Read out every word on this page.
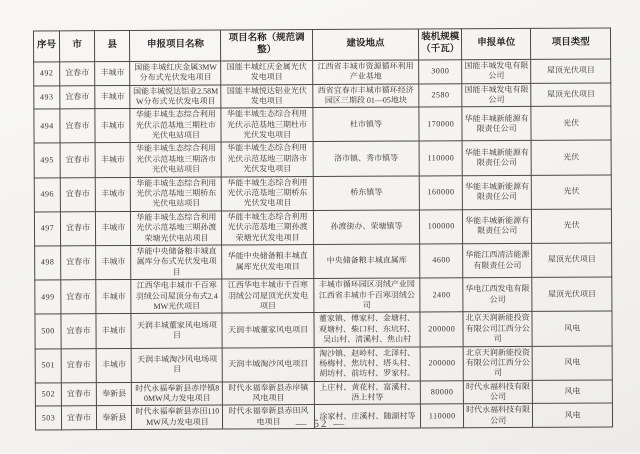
序号	市	县	申报项目名称	项目名称（规范调整）	建设地点	装机规模（千瓦）	申报单位	项目类型
492	宜春市	丰城市	国能丰城红庆金属3MW分布式光伏发电项目	国能丰城红庆金属光伏发电项目	江西省丰城市资源循环利用产业基地	3000	国能丰城发电有限公司	屋顶光伏项目
493	宜春市	丰城市	国能丰城悦达铝业2.58MW分布式光伏发电项目	国能丰城悦达铝业光伏发电项目	西省宜春市丰城市循环经济园区三期段 01—05地块	2580	国能丰城发电有限公司	屋顶光伏项目
494	宜春市	丰城市	华能丰城生态综合利用光伏示范基地三期杜市光伏电站项目	华能丰城生态综合利用光伏示范基地三期杜市光伏发电项目	杜市镇等	170000	华能丰城新能源有限责任公司	光伏
495	宜春市	丰城市	华能丰城生态综合利用光伏示范基地三期洛市光伏电站项目	华能丰城生态综合利用光伏示范基地三期洛市光伏发电项目	洛市镇、秀市镇等	110000	华能丰城新能源有限责任公司	光伏
496	宜春市	丰城市	华能丰城生态综合利用光伏示范基地三期桥东光伏电站项目	华能丰城生态综合利用光伏示范基地三期桥东光伏发电项目	桥东镇等	160000	华能丰城新能源有限责任公司	光伏
497	宜春市	丰城市	华能丰城生态综合利用光伏示范基地三期孙渡荣塘光伏电站项目	华能丰城生态综合利用光伏示范基地三期孙渡荣塘光伏发电项目	孙渡街办、荣塘镇等	100000	华能丰城新能源有限责任公司	光伏
498	宜春市	丰城市	华能中央储备粮丰城直属库分布式光伏发电项目	华能中央储备粮丰城直属库光伏发电项目	中央储备粮丰城直属库	4600	华能江西清洁能源有限责任公司	屋顶光伏项目
499	宜春市	丰城市	江西华电丰城市千百寒羽绒公司屋顶分布式2.4MW光伏项目	江西华电丰城市千百寒羽绒公司屋顶光伏发电项目	丰城市循环园区羽绒产业园江西省丰城市千百寒羽绒公司	2400	华电江西发电有限公司	屋顶光伏项目
500	宜春市	丰城市	天润丰城董家风电场项目	天润丰城董家风电项目	董家镇、傅家村、金塘村、观塘村、柴口村、东坑村、吴山村、清溪村、焦山村	200000	北京天润新能投资有限公司江西分公司	风电
501	宜春市	丰城市	天润丰城淘沙风电场项目	天润丰城淘沙风电项目	淘沙镇、赵岭村、北泽村、杨梅村、焦坑村、塔头村、胡坊村、前坊村、罗家村。	200000	北京天润新能投资有限公司江西分公司	风电
502	宜春市	奉新县	时代永福奉新县赤岸镇80MW风力发电项目	时代永福奉新县赤岸镇风电项目	上庄村、黄花村、富溪村、浯上村等	80000	时代永福科技有限公司	风电
503	宜春市	奉新县	时代永福奉新县赤田110MW风力发电项目	时代永福奉新县赤田风电项目	涂家村、庄溪村、随湖村等	110000	时代永福科技有限公司	风电
— 52 —
